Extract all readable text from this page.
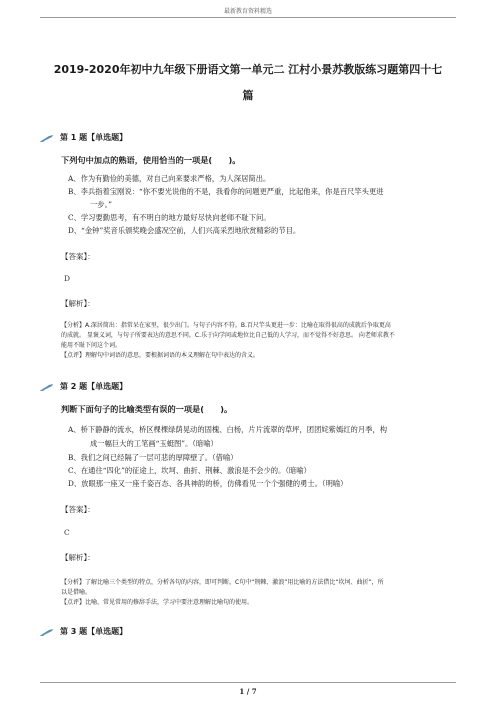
最新教育资料精选
2019-2020年初中九年级下册语文第一单元二 江村小景苏教版练习题第四十七
篇
第 1 题【单选题】
下列句中加点的熟语，使用恰当的一项是(　　)。
A、作为有勤俭的美德，对自己向来要求严格，为人深居简出。
B、李兵指着宝刚说：“你不要光说他的不是，我看你的问题更严重，比起他来，你是百尺竿头更进
一步。”
C、学习要勤思考，有不明白的地方最好尽快向老师不耻下问。
D、“金钟”奖音乐颁奖晚会盛况空前，人们兴高采烈地欣赏精彩的节目。
【答案】：
D
【解析】：
【分析】A.深居简出：指常呆在家里，很少出门。与句子内容不符。B.百尺竿头更进一步：比喻在取得很高的成就后争取更高
的成就。 显褒义词，与句子所要表达的意思不同。C.乐于向学问或地位比自己低的人学习，而不觉得不好意思。 向老师求教不
能用不耻下问这个词。
【点评】理解句中词语的意思，要根据词语的本义理解在句中表达的含义。
第 2 题【单选题】
判断下面句子的比喻类型有误的一项是(　　)。
A、桥下静静的流水，桥区棵棵绿荫晃动的固槐、白杨，片片流翠的草坪，团团姹紫嫣红的月季，构
成一幅巨大的工笔画“玉蜓图”。（暗喻）
B、我们之间已经隔了一层可悲的厚障壁了。（借喻）
C、在通往“四化”的征途上，坎坷、曲折、荆棘、激浪是不会少的。（暗喻）
D、放眼那一座又一座千姿百态、各具神韵的桥，仿佛看见一个个强健的勇士。（明喻）
【答案】：
C
【解析】：
【分析】了解比喻三个类型的特点，分析各句的内容，即可判断。C句中“荆棘、激浪”用比喻的方法借比“坎坷、曲折”，所
以是借喻。
【点评】比喻，常见常用的修辞手法，学习中要注意理解比喻句的使用。
第 3 题【单选题】
1 / 7
